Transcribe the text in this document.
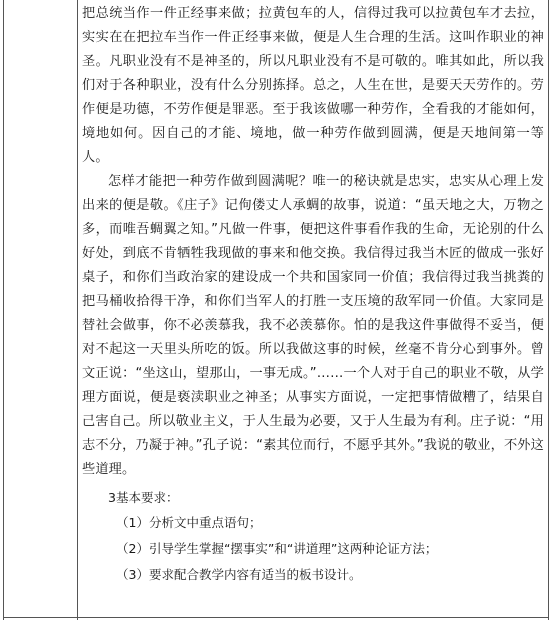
把总统当作一件正经事来做；拉黄包车的人，信得过我可以拉黄包车才去拉，实实在在把拉车当作一件正经事来做，便是人生合理的生活。这叫作职业的神圣。凡职业没有不是神圣的，所以凡职业没有不是可敬的。唯其如此，所以我们对于各种职业，没有什么分别拣择。总之，人生在世，是要天天劳作的。劳作便是功德，不劳作便是罪恶。至于我该做哪一种劳作，全看我的才能如何，境地如何。因自己的才能、境地，做一种劳作做到圆满，便是天地间第一等人。

怎样才能把一种劳作做到圆满呢？唯一的秘诀就是忠实，忠实从心理上发出来的便是敬。《庄子》记佝偻丈人承蜩的故事，说道：“虽天地之大，万物之多，而唯吾蜩翼之知。”凡做一件事，便把这件事看作我的生命，无论别的什么好处，到底不肯牺牲我现做的事来和他交换。我信得过我当木匠的做成一张好桌子，和你们当政治家的建设成一个共和国家同一价值；我信得过我当挑粪的把马桶收拾得干净，和你们当军人的打胜一支压境的敌军同一价值。大家同是替社会做事，你不必羡慕我，我不必羡慕你。怕的是我这件事做得不妥当，便对不起这一天里头所吃的饭。所以我做这事的时候，丝毫不肯分心到事外。曾文正说：“坐这山，望那山，一事无成。”……一个人对于自己的职业不敬，从学理方面说，便是亵渎职业之神圣；从事实方面说，一定把事情做糟了，结果自己害自己。所以敬业主义，于人生最为必要，又于人生最为有利。庄子说：“用志不分，乃凝于神。”孔子说：“素其位而行，不愿乎其外。”我说的敬业，不外这些道理。

3基本要求：

（1）分析文中重点语句；

（2）引导学生掌握“摆事实”和“讲道理”这两种论证方法；

（3）要求配合教学内容有适当的板书设计。
